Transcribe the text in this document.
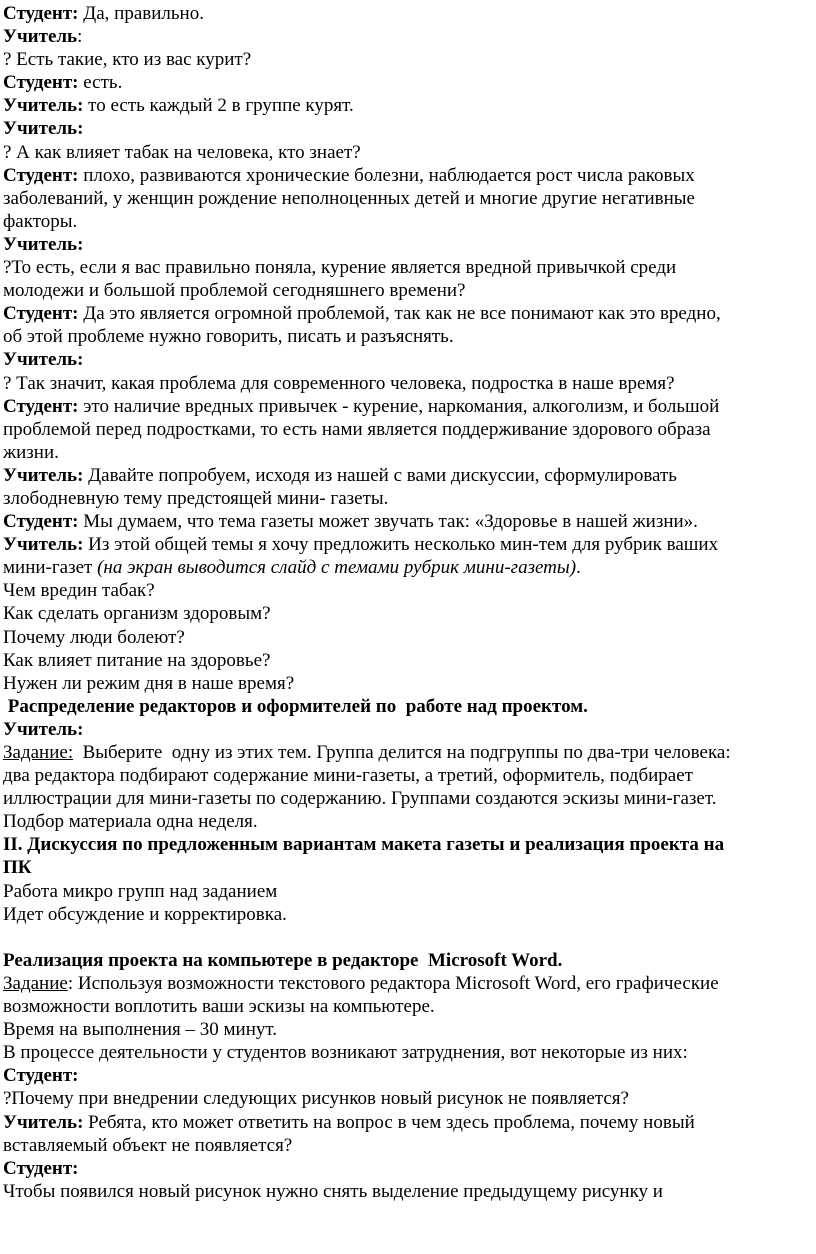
Студент: Да, правильно.

Учитель:

? Есть такие, кто из вас курит?

Студент: есть.

Учитель: то есть каждый 2 в группе курят.

Учитель:

? А как влияет табак на человека, кто знает?

Студент: плохо, развиваются хронические болезни, наблюдается рост числа раковых

заболеваний, у женщин рождение неполноценных детей и многие другие негативные

факторы.

Учитель:

?То есть, если я вас правильно поняла, курение является вредной привычкой среди

молодежи и большой проблемой сегодняшнего времени?

Студент: Да это является огромной проблемой, так как не все понимают как это вредно,

об этой проблеме нужно говорить, писать и разъяснять.

Учитель:

? Так значит, какая проблема для современного человека, подростка в наше время?

Студент: это наличие вредных привычек - курение, наркомания, алкоголизм, и большой

проблемой перед подростками, то есть нами является поддерживание здорового образа

жизни.

Учитель: Давайте попробуем, исходя из нашей с вами дискуссии, сформулировать

злободневную тему предстоящей мини- газеты.

Студент: Мы думаем, что тема газеты может звучать так: «Здоровье в нашей жизни».

Учитель: Из этой общей темы я хочу предложить несколько мин-тем для рубрик ваших

мини-газет (на экран выводится слайд с темами рубрик мини-газеты).

Чем вредин табак?

Как сделать организм здоровым?

Почему люди болеют?

Как влияет питание на здоровье?

Нужен ли режим дня в наше время?

Распределение редакторов и оформителей по  работе над проектом.

Учитель:

Задание:  Выберите  одну из этих тем. Группа делится на подгруппы по два-три человека:

два редактора подбирают содержание мини-газеты, а третий, оформитель, подбирает

иллюстрации для мини-газеты по содержанию. Группами создаются эскизы мини-газет.

Подбор материала одна неделя.

II. Дискуссия по предложенным вариантам макета газеты и реализация проекта на

ПК

Работа микро групп над заданием

Идет обсуждение и корректировка.

Реализация проекта на компьютере в редакторе  Microsoft Word.

Задание: Используя возможности текстового редактора Microsoft Word, его графические

возможности воплотить ваши эскизы на компьютере.

Время на выполнения – 30 минут.

В процессе деятельности у студентов возникают затруднения, вот некоторые из них:

Студент:

?Почему при внедрении следующих рисунков новый рисунок не появляется?

Учитель: Ребята, кто может ответить на вопрос в чем здесь проблема, почему новый

вставляемый объект не появляется?

Студент:

Чтобы появился новый рисунок нужно снять выделение предыдущему рисунку и
